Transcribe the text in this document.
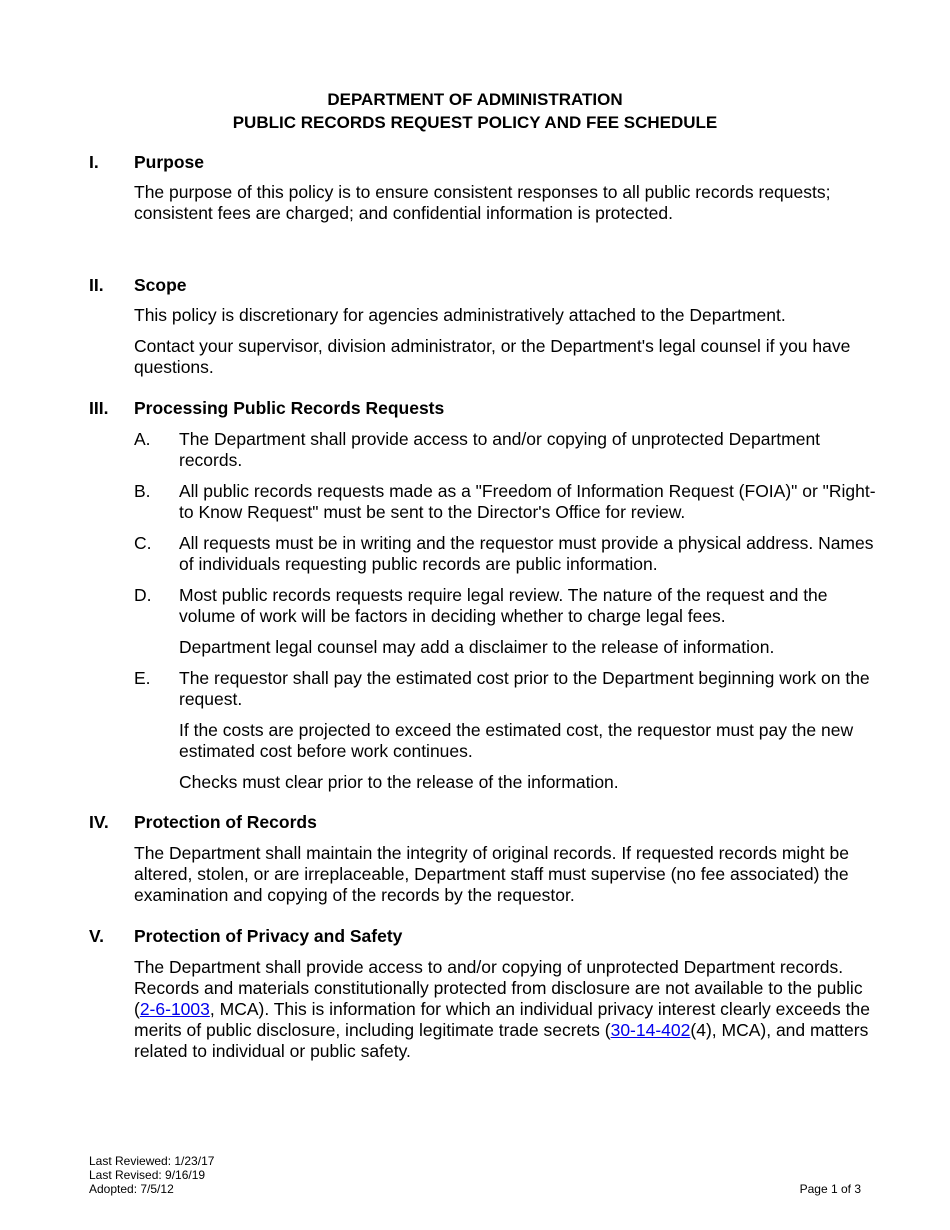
DEPARTMENT OF ADMINISTRATION
PUBLIC RECORDS REQUEST POLICY AND FEE SCHEDULE
I. Purpose
The purpose of this policy is to ensure consistent responses to all public records requests; consistent fees are charged; and confidential information is protected.
II. Scope
This policy is discretionary for agencies administratively attached to the Department.
Contact your supervisor, division administrator, or the Department's legal counsel if you have questions.
III. Processing Public Records Requests
A. The Department shall provide access to and/or copying of unprotected Department records.
B. All public records requests made as a "Freedom of Information Request (FOIA)" or "Right-to Know Request" must be sent to the Director's Office for review.
C. All requests must be in writing and the requestor must provide a physical address. Names of individuals requesting public records are public information.
D. Most public records requests require legal review. The nature of the request and the volume of work will be factors in deciding whether to charge legal fees.
Department legal counsel may add a disclaimer to the release of information.
E. The requestor shall pay the estimated cost prior to the Department beginning work on the request.
If the costs are projected to exceed the estimated cost, the requestor must pay the new estimated cost before work continues.
Checks must clear prior to the release of the information.
IV. Protection of Records
The Department shall maintain the integrity of original records. If requested records might be altered, stolen, or are irreplaceable, Department staff must supervise (no fee associated) the examination and copying of the records by the requestor.
V. Protection of Privacy and Safety
The Department shall provide access to and/or copying of unprotected Department records. Records and materials constitutionally protected from disclosure are not available to the public (2-6-1003, MCA). This is information for which an individual privacy interest clearly exceeds the merits of public disclosure, including legitimate trade secrets (30-14-402(4), MCA), and matters related to individual or public safety.
Last Reviewed: 1/23/17
Last Revised: 9/16/19
Adopted: 7/5/12	Page 1 of 3
